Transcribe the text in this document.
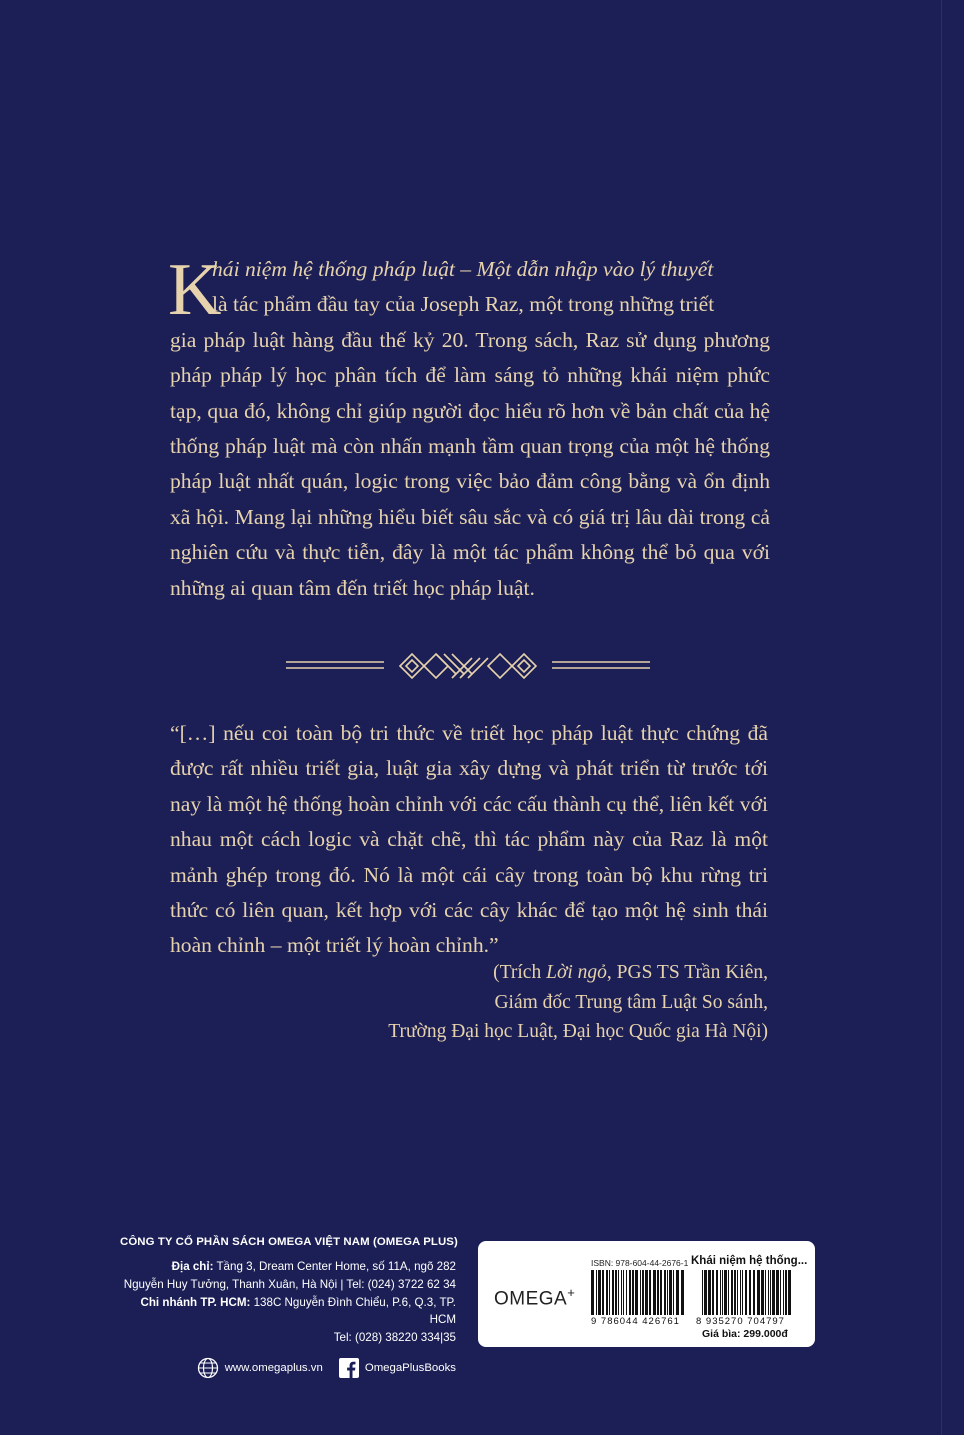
K
hái niệm hệ thống pháp luật – Một dẫn nhập vào lý thuyết
là tác phẩm đầu tay của Joseph Raz, một trong những triết
gia pháp luật hàng đầu thế kỷ 20. Trong sách, Raz sử dụng phương pháp pháp lý học phân tích để làm sáng tỏ những khái niệm phức tạp, qua đó, không chỉ giúp người đọc hiểu rõ hơn về bản chất của hệ thống pháp luật mà còn nhấn mạnh tầm quan trọng của một hệ thống pháp luật nhất quán, logic trong việc bảo đảm công bằng và ổn định xã hội. Mang lại những hiểu biết sâu sắc và có giá trị lâu dài trong cả nghiên cứu và thực tiễn, đây là một tác phẩm không thể bỏ qua với những ai quan tâm đến triết học pháp luật.
“[…] nếu coi toàn bộ tri thức về triết học pháp luật thực chứng đã được rất nhiều triết gia, luật gia xây dựng và phát triển từ trước tới nay là một hệ thống hoàn chỉnh với các cấu thành cụ thể, liên kết với nhau một cách logic và chặt chẽ, thì tác phẩm này của Raz là một mảnh ghép trong đó. Nó là một cái cây trong toàn bộ khu rừng tri thức có liên quan, kết hợp với các cây khác để tạo một hệ sinh thái hoàn chỉnh – một triết lý hoàn chỉnh.”
(Trích Lời ngỏ, PGS TS Trần Kiên,
Giám đốc Trung tâm Luật So sánh,
Trường Đại học Luật, Đại học Quốc gia Hà Nội)
CÔNG TY CỔ PHẦN SÁCH OMEGA VIỆT NAM (OMEGA PLUS)
Địa chỉ: Tầng 3, Dream Center Home, số 11A, ngõ 282
Nguyễn Huy Tưởng, Thanh Xuân, Hà Nội | Tel: (024) 3722 62 34
Chi nhánh TP. HCM: 138C Nguyễn Đình Chiểu, P.6, Q.3, TP. HCM
Tel: (028) 38220 334|35
www.omegaplus.vn	OmegaPlusBooks
OMEGA+
ISBN: 978-604-44-2676-1 Khái niệm hệ thống...
9 786044 426761 8 935270 704797
Giá bìa: 299.000đ
